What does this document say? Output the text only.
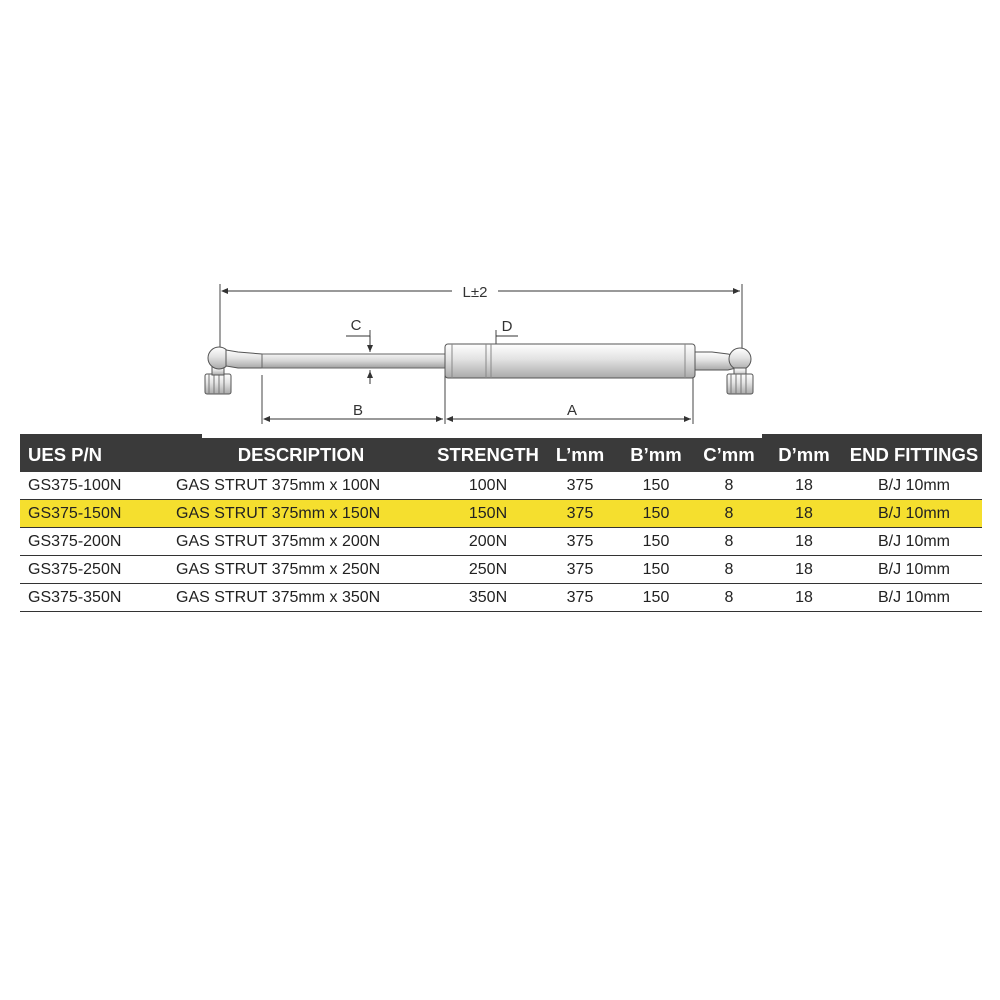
L±2
C	D
B	A
UES P/N	DESCRIPTION	STRENGTH	L’mm	B’mm	C’mm	D’mm	END FITTINGS
GS375-100N	GAS STRUT 375mm x 100N	100N	375	150	8	18	B/J 10mm
GS375-150N	GAS STRUT 375mm x 150N	150N	375	150	8	18	B/J 10mm
GS375-200N	GAS STRUT 375mm x 200N	200N	375	150	8	18	B/J 10mm
GS375-250N	GAS STRUT 375mm x 250N	250N	375	150	8	18	B/J 10mm
GS375-350N	GAS STRUT 375mm x 350N	350N	375	150	8	18	B/J 10mm
